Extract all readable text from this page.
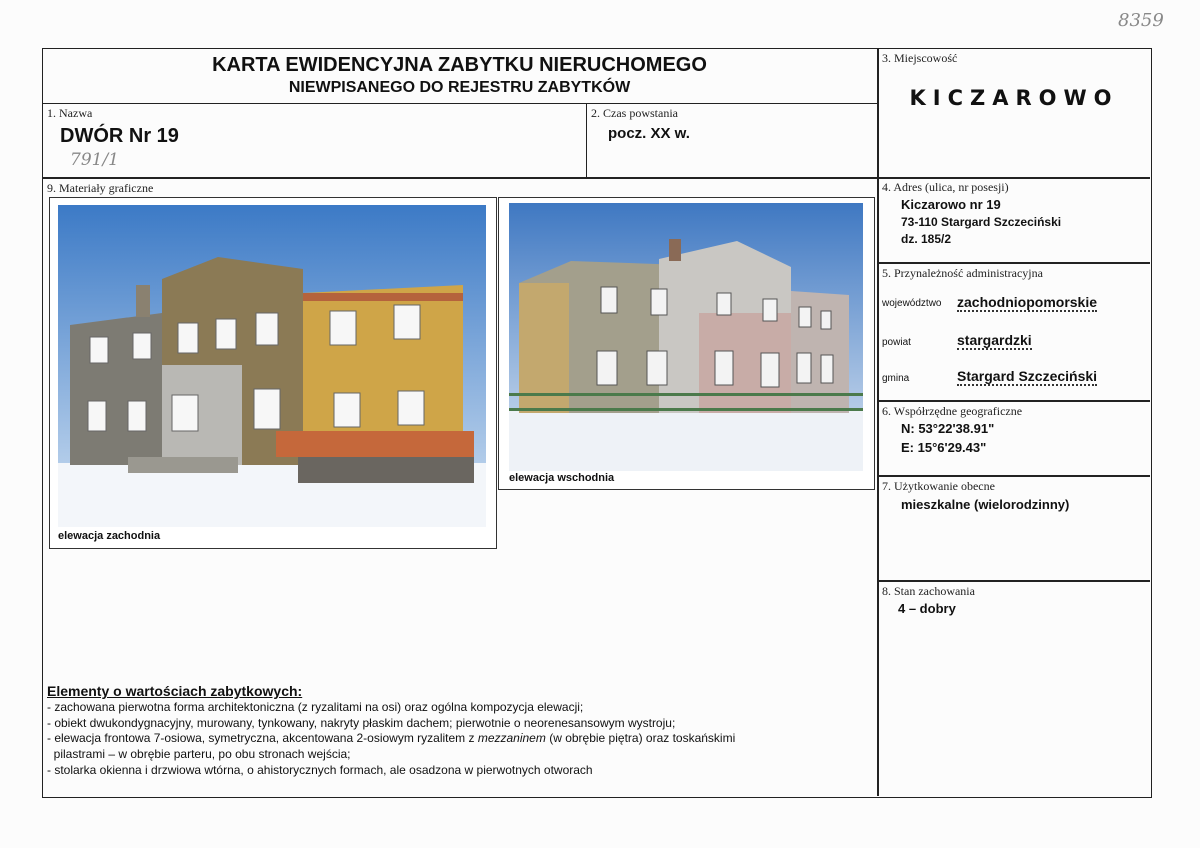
8359
KARTA EWIDENCYJNA ZABYTKU NIERUCHOMEGO
NIEWPISANEGO DO REJESTRU ZABYTKÓW
1. Nazwa
DWÓR Nr 19
791/1
2. Czas powstania
pocz. XX w.
3. Miejscowość
KICZAROWO
4. Adres (ulica, nr posesji)
Kiczarowo nr 19
73-110 Stargard Szczeciński
dz. 185/2
5. Przynależność administracyjna
województwo zachodniopomorskie
powiat	stargardzki
gmina	Stargard Szczeciński
6. Współrzędne geograficzne
N: 53°22'38.91"
E: 15°6'29.43"
7. Użytkowanie obecne
mieszkalne (wielorodzinny)
8. Stan zachowania
4 – dobry
9. Materiały graficzne
elewacja zachodnia
elewacja wschodnia
Elementy o wartościach zabytkowych:
- zachowana pierwotna forma architektoniczna (z ryzalitami na osi) oraz ogólna kompozycja elewacji;
- obiekt dwukondygnacyjny, murowany, tynkowany, nakryty płaskim dachem; pierwotnie o neorenesansowym wystroju;
- elewacja frontowa 7-osiowa, symetryczna, akcentowana 2-osiowym ryzalitem z mezzaninem (w obrębie piętra) oraz toskańskimi
pilastrami – w obrębie parteru, po obu stronach wejścia;
- stolarka okienna i drzwiowa wtórna, o ahistorycznych formach, ale osadzona w pierwotnych otworach
